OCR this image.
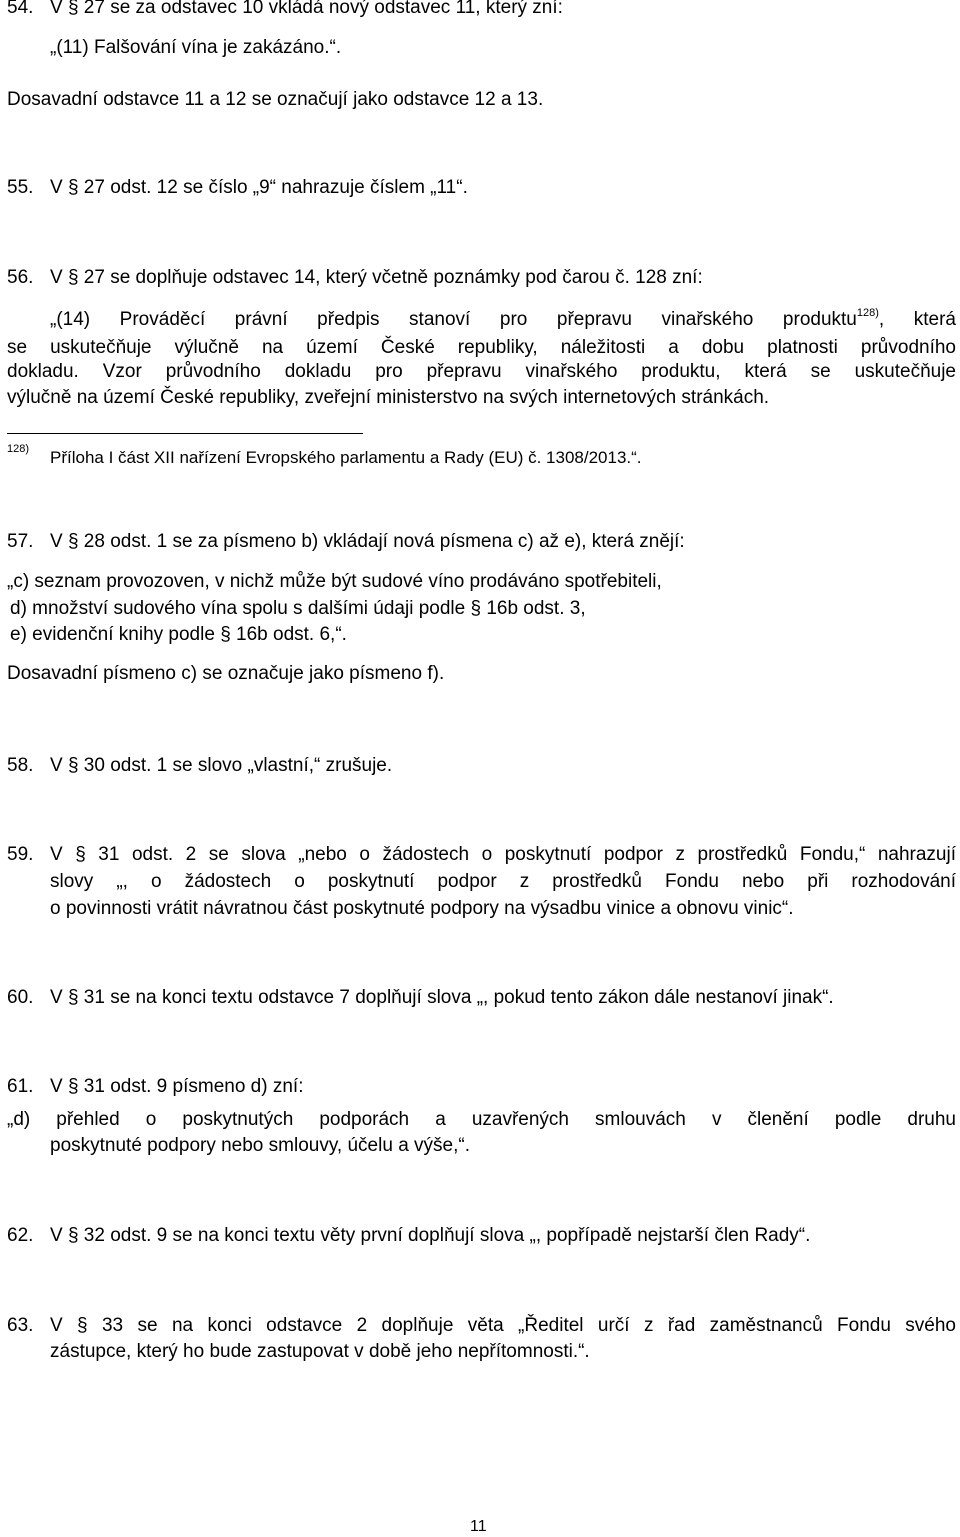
54. V § 27 se za odstavec 10 vkládá nový odstavec 11, který zní:
„(11) Falšování vína je zakázáno.“.
Dosavadní odstavce 11 a 12 se označují jako odstavce 12 a 13.
55. V § 27 odst. 12 se číslo „9“ nahrazuje číslem „11“.
56. V § 27 se doplňuje odstavec 14, který včetně poznámky pod čarou č. 128 zní:
„(14) Prováděcí právní předpis stanoví pro přepravu vinařského produktu$^{128)}$, která
se uskutečňuje výlučně na území České republiky, náležitosti a dobu platnosti průvodního
dokladu. Vzor průvodního dokladu pro přepravu vinařského produktu, která se uskutečňuje
výlučně na území České republiky, zveřejní ministerstvo na svých internetových stránkách.
128) Příloha I část XII nařízení Evropského parlamentu a Rady (EU) č. 1308/2013.“.
57. V § 28 odst. 1 se za písmeno b) vkládají nová písmena c) až e), která znějí:
„c) seznam provozoven, v nichž může být sudové víno prodáváno spotřebiteli,
d) množství sudového vína spolu s dalšími údaji podle § 16b odst. 3,
e) evidenční knihy podle § 16b odst. 6,“.
Dosavadní písmeno c) se označuje jako písmeno f).
58. V § 30 odst. 1 se slovo „vlastní,“ zrušuje.
59. V § 31 odst. 2 se slova „nebo o žádostech o poskytnutí podpor z prostředků Fondu,“ nahrazují
slovy „, o žádostech o poskytnutí podpor z prostředků Fondu nebo při rozhodování
o povinnosti vrátit návratnou část poskytnuté podpory na výsadbu vinice a obnovu vinic“.
60. V § 31 se na konci textu odstavce 7 doplňují slova „, pokud tento zákon dále nestanoví jinak“.
61. V § 31 odst. 9 písmeno d) zní:
„d) přehled o poskytnutých podporách a uzavřených smlouvách v členění podle druhu
poskytnuté podpory nebo smlouvy, účelu a výše,“.
62. V § 32 odst. 9 se na konci textu věty první doplňují slova „, popřípadě nejstarší člen Rady“.
63. V § 33 se na konci odstavce 2 doplňuje věta „Ředitel určí z řad zaměstnanců Fondu svého
zástupce, který ho bude zastupovat v době jeho nepřítomnosti.“.
11
